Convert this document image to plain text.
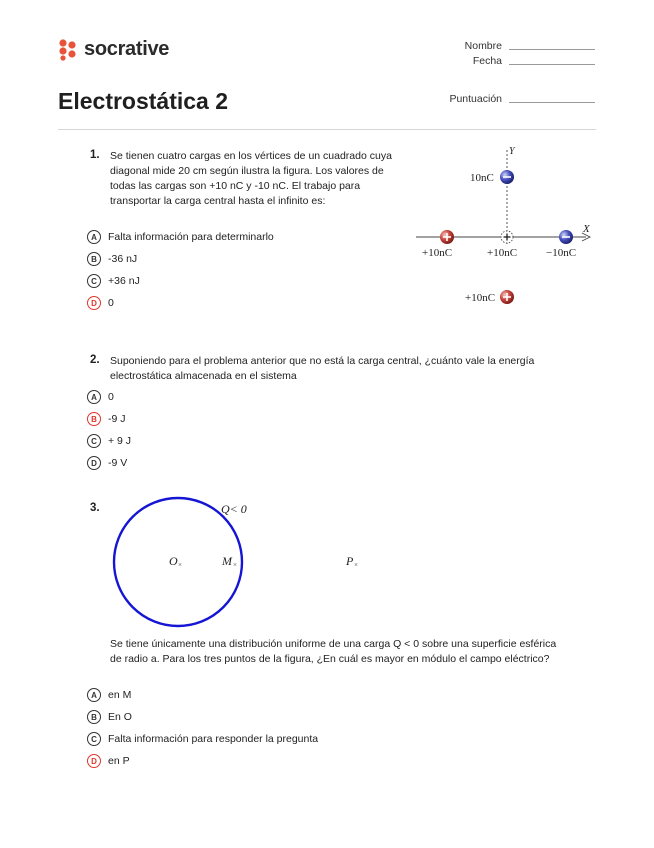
socrative
Electrostática 2
Nombre
Fecha
Puntuación
1. Se tienen cuatro cargas en los vértices de un cuadrado cuya diagonal mide 20 cm según ilustra la figura. Los valores de todas las cargas son +10 nC y -10 nC. El trabajo para transportar la carga central hasta el infinito es:
A	Falta información para determinarlo
B	-36 nJ
C	+36 nJ
D	0
Y
X
10nC
+10nC	+10nC	−10nC
+10nC
2. Suponiendo para el problema anterior que no está la carga central, ¿cuánto vale la energía electrostática almacenada en el sistema
A	0
B	-9 J
C	+ 9 J
D	-9 V
3.	Q< 0
O ×	M ×	P ×
Se tiene únicamente una distribución uniforme de una carga Q < 0 sobre una superficie esférica de radio a. Para los tres puntos de la figura, ¿En cuál es mayor en módulo el campo eléctrico?
A	en M
B	En O
C	Falta información para responder la pregunta
D	en P
